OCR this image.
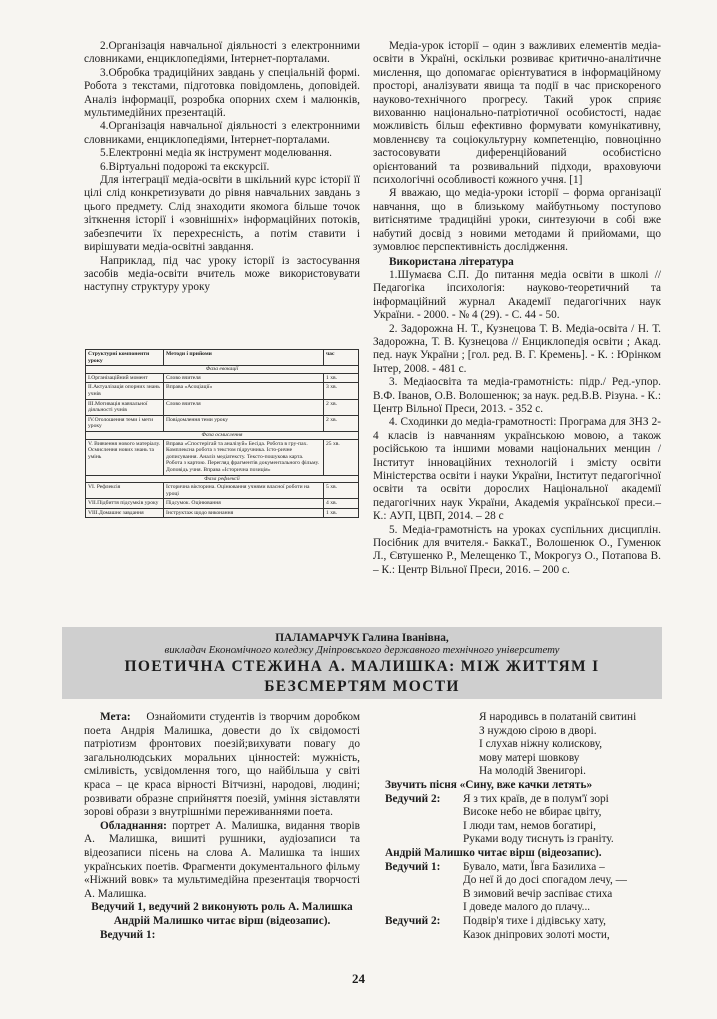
2.Організація навчальної діяльності з електронними словниками, енциклопедіями, Інтернет-порталами.

3.Обробка традиційних завдань у спеціальній формі. Робота з текстами, підготовка повідомлень, доповідей. Аналіз інформації, розробка опорних схем і малюнків, мультимедійних презентацій.

4.Організація навчальної діяльності з електронними словниками, енциклопедіями, Інтернет-порталами.

5.Електронні медіа як інструмент моделювання.

6.Віртуальні подорожі та екскурсії.

Для інтеграції медіа-освіти в шкільний курс історії її цілі слід конкретизувати до рівня навчальних завдань з цього предмету. Слід знаходити якомога більше точок зіткнення історії і «зовнішніх» інформаційних потоків, забезпечити їх перехресність, а потім ставити і вирішувати медіа-освітні завдання.

Наприклад, під час уроку історії із застосування засобів медіа-освіти вчитель може використовувати наступну структуру уроку

Структурні компоненти уроку	Методи і прийоми	час
Фаза евокації		
I.Організаційний момент	Слово вчителя	1 хв.
II.Актуалізація опорних знань учнів	Вправа «Асоціації»	3 хв.
III.Мотивація навчальної діяльності учнів	Слово вчителя	2 хв.
IV.Оголошення теми і мети уроку	Повідомлення теми уроку	2 хв.
Фаза осмислення		
V. Вивчення нового матеріалу. Осмислення нових знань та умінь	Вправа «Спостерігай та аналізуй» Бесіда. Робота в гру-пах. Комплексна робота з текстом підручника. Істо-ричне дописування. Аналіз медіатексту. Тексто-пошукова карта. Робота з картою. Перегляд фрагментів документального фільму. Доповідь учня. Вправа «Історична позиція»	25 хв.
Фаза рефлексії		
VI. Рефлексія	Історична вікторина. Оцінювання учнями власної роботи на уроці	5 хв.
VII.Підбиття підсумків уроку	Підсумок. Оцінювання	4 хв.
VIII.Домашнє завдання	Інструктаж щодо виконання	1 хв.

Медіа-урок історії – один з важливих елементів медіа-освіти в Україні, оскільки розвиває критично-аналітичне мислення, що допомагає орієнтуватися в інформаційному просторі, аналізувати явища та події в час прискореного науково-технічного прогресу. Такий урок сприяє вихованню національно-патріотичної особистості, надає можливість більш ефективно формувати комунікативну, мовленнєву та соціокультурну компетенцію, повноцінно застосовувати диференційований особистісно орієнтований та розвивальний підходи, враховуючи психологічні особливості кожного учня. [1]

Я вважаю, що медіа-уроки історії – форма організації навчання, що в близькому майбутньому поступово витіснятиме традиційні уроки, синтезуючи в собі вже набутий досвід з новими методами й прийомами, що зумовлює перспективність дослідження.

Використана література

1.Шумаєва С.П. До питання медіа освіти в школі // Педагогіка іпсихологія: науково-теоретичний та інформаційний журнал Академії педагогічних наук України. - 2000. - № 4 (29). - С. 44 - 50.

2. Задорожна Н. Т., Кузнецова Т. В. Медіа-освіта / Н. Т. Задорожна, Т. В. Кузнецова // Енциклопедія освіти ; Акад. пед. наук України ; [гол. ред. В. Г. Кремень]. - К. : Юрінком Інтер, 2008. - 481 с.

3. Медіаосвіта та медіа-грамотність: підр./ Ред.-упор. В.Ф. Іванов, О.В. Волошенюк; за наук. ред.В.В. Різуна. - К.: Центр Вільної Преси, 2013. - 352 с.

4. Сходинки до медіа-грамотності: Програма для ЗНЗ 2-4 класів із навчанням українською мовою, а також російською та іншими мовами національних менцин / Інститут інноваційних технологій і змісту освіти Міністерства освіти і науки України, Інститут педагогічної освіти та освіти дорослих Національної академії педагогічних наук України, Академія української преси.– К.: АУП, ЦВП, 2014. – 28 с

5. Медіа-грамотність на уроках суспільних дисциплін. Посібник для вчителя.- БаккаТ., Волошенюк О., Гуменюк Л., Євтушенко Р., Мелещенко Т., Мокрогуз О., Потапова В. – К.: Центр Вільної Преси, 2016. – 200 с.

ПАЛАМАРЧУК Галина Іванівна,
викладач Економічного коледжу Дніпровського державного технічного університету
ПОЕТИЧНА СТЕЖИНА А. МАЛИШКА: МІЖ ЖИТТЯМ І
БЕЗСМЕРТЯМ МОСТИ

Мета: Ознайомити студентів із творчим доробком поета Андрія Малишка, довести до їх свідомості патріотизм фронтових поезій;вихувати повагу до загальнолюдських моральних цінностей: мужність, сміливість, усвідомлення того, що найбільша у світі краса – це краса вірності Вітчизні, народові, людині; розвивати образне сприйняття поезій, уміння зіставляти зорові образи з внутрішніми переживаннями поета.

Обладнання: портрет А. Малишка, видання творів А. Малишка, вишиті рушники, аудіозаписи та відеозаписи пісень на слова А. Малишка та інших українських поетів. Фрагменти документального фільму «Ніжний вовк» та мультимедійна презентація творчості А. Малишка.

Ведучий 1, ведучий 2 виконують роль А. Малишка

Андрій Малишко читає вірш (відеозапис).

Ведучий 1:

Я народивсь в полатаній свитині
З нуждою сірою в дворі.
І слухав ніжну колискову,
мову матері шовкову
На молодій Звенигорі.
Звучить пісня «Сину, вже качки летять»
Ведучий 2: Я з тих країв, де в полум'ї зорі
Високе небо не вбирає цвіту,
І люди там, немов богатирі,
Руками воду тиснуть із граніту.
Андрій Малишко читає вірш (відеозапис).
Ведучий 1: Бувало, мати, Ївга Базилиха –
До неї й до досі спогадом лечу, —
В зимовий вечір заспіває стиха
І доведе малого до плачу...
Ведучий 2: Подвір'я тихе і дідівську хату,
Казок дніпрових золоті мости,
24
